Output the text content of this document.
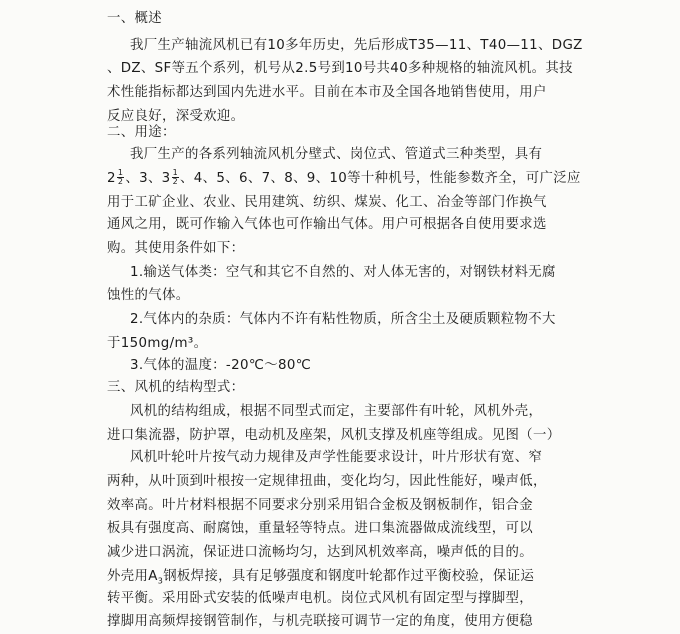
一、概述

我厂生产轴流风机已有10多年历史，先后形成T35—11、T40—11、DGZ

、DZ、SF等五个系列，机号从2.5号到10号共40多种规格的轴流风机。其技

术性能指标都达到国内先进水平。目前在本市及全国各地销售使用，用户

反应良好，深受欢迎。

二、用途：

我厂生产的各系列轴流风机分壁式、岗位式、管道式三种类型，具有

$2 \frac{1}{2}$ 、3、$3 \frac{1}{2}$ 、4、5、6、7、8、9、10等十种机号，性能参数齐全，可广泛应

用于工矿企业、农业、民用建筑、纺织、煤炭、化工、冶金等部门作换气

通风之用，既可作输入气体也可作输出气体。用户可根据各自使用要求选

购。其使用条件如下：

1.输送气体类：空气和其它不自然的、对人体无害的，对钢铁材料无腐

蚀性的气体。

2.气体内的杂质：气体内不许有粘性物质，所含尘土及硬质颗粒物不大

于150mg/m³。

3.气体的温度：-20℃～80℃

三、风机的结构型式：

风机的结构组成，根据不同型式而定，主要部件有叶轮，风机外壳，

进口集流器，防护罩，电动机及座架，风机支撑及机座等组成。见图（一）

风机叶轮叶片按气动力规律及声学性能要求设计，叶片形状有宽、窄

两种，从叶顶到叶根按一定规律扭曲，变化均匀，因此性能好，噪声低，

效率高。叶片材料根据不同要求分别采用铝合金板及钢板制作，铝合金

板具有强度高、耐腐蚀，重量轻等特点。进口集流器做成流线型，可以

减少进口涡流，保证进口流畅均匀，达到风机效率高，噪声低的目的。

外壳用$A_3$钢板焊接，具有足够强度和钢度叶轮都作过平衡校验，保证运

转平衡。采用卧式安装的低噪声电机。岗位式风机有固定型与撑脚型，

撑脚用高频焊接钢管制作，与机壳联接可调节一定的角度，使用方便稳
